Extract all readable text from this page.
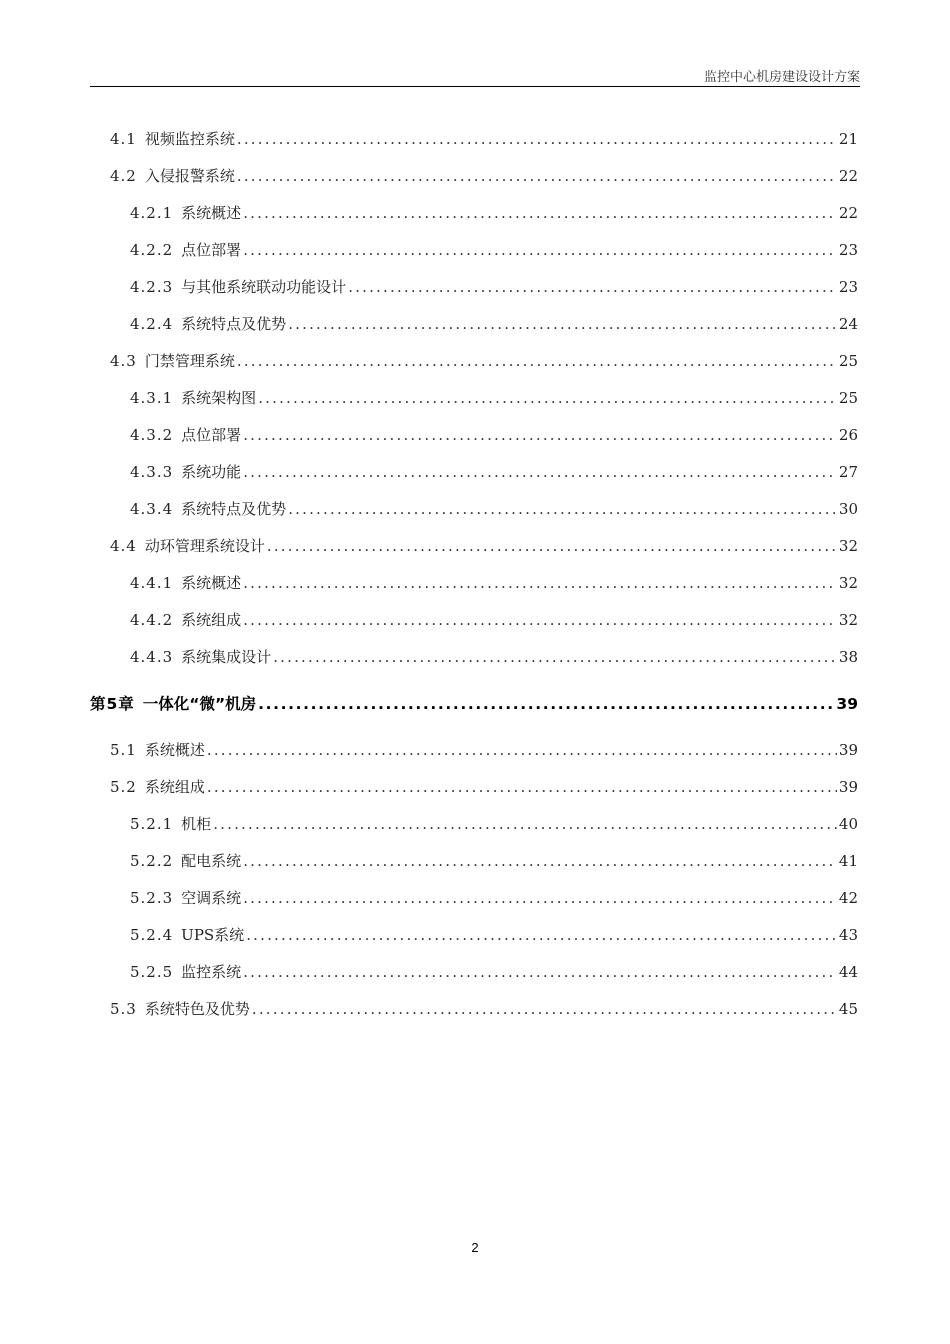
监控中心机房建设设计方案
4.1 视频监控系统 .....	21
4.2 入侵报警系统 .....	22
4.2.1 系统概述 .....	22
4.2.2 点位部署 .....	23
4.2.3 与其他系统联动功能设计 .....	23
4.2.4 系统特点及优势 .....	24
4.3 门禁管理系统 .....	25
4.3.1 系统架构图 .....	25
4.3.2 点位部署 .....	26
4.3.3 系统功能 .....	27
4.3.4 系统特点及优势 .....	30
4.4 动环管理系统设计 .....	32
4.4.1 系统概述 .....	32
4.4.2 系统组成 .....	32
4.4.3 系统集成设计 .....	38
第5章 一体化“微”机房 .....	39
5.1 系统概述 .....	39
5.2 系统组成 .....	39
5.2.1 机柜 .....	40
5.2.2 配电系统 .....	41
5.2.3 空调系统 .....	42
5.2.4 UPS系统 .....	43
5.2.5 监控系统 .....	44
5.3 系统特色及优势 .....	45
2
